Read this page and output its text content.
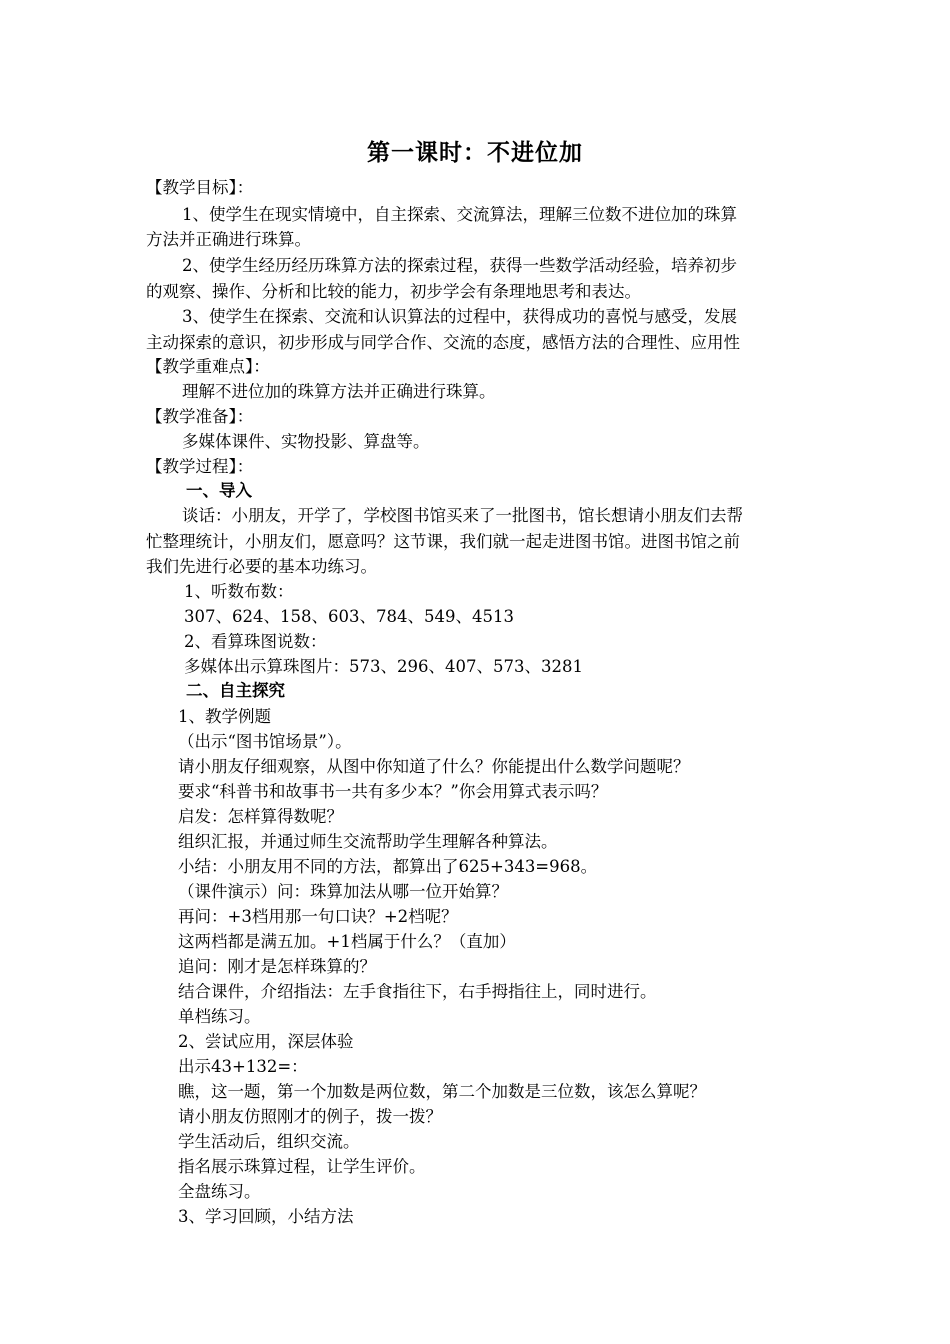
第一课时：不进位加
【教学目标】：
1、使学生在现实情境中，自主探索、交流算法，理解三位数不进位加的珠算
方法并正确进行珠算。
2、使学生经历经历珠算方法的探索过程，获得一些数学活动经验，培养初步
的观察、操作、分析和比较的能力，初步学会有条理地思考和表达。
3、使学生在探索、交流和认识算法的过程中，获得成功的喜悦与感受，发展
主动探索的意识，初步形成与同学合作、交流的态度，感悟方法的合理性、应用性
【教学重难点】：
理解不进位加的珠算方法并正确进行珠算。
【教学准备】：
多媒体课件、实物投影、算盘等。
【教学过程】：
一、导入
谈话：小朋友，开学了，学校图书馆买来了一批图书，馆长想请小朋友们去帮
忙整理统计，小朋友们，愿意吗？这节课，我们就一起走进图书馆。进图书馆之前
我们先进行必要的基本功练习。
1、听数布数：
307、624、158、603、784、549、4513
2、看算珠图说数：
多媒体出示算珠图片：573、296、407、573、3281
二、自主探究
1、教学例题
（出示“图书馆场景”）。
请小朋友仔细观察，从图中你知道了什么？你能提出什么数学问题呢？
要求“科普书和故事书一共有多少本？”你会用算式表示吗？
启发：怎样算得数呢？
组织汇报，并通过师生交流帮助学生理解各种算法。
小结：小朋友用不同的方法，都算出了625+343=968。
（课件演示）问：珠算加法从哪一位开始算？
再问：+3档用那一句口诀？+2档呢？
这两档都是满五加。+1档属于什么？（直加）
追问：刚才是怎样珠算的？
结合课件，介绍指法：左手食指往下，右手拇指往上，同时进行。
单档练习。
2、尝试应用，深层体验
出示43+132=：
瞧，这一题，第一个加数是两位数，第二个加数是三位数，该怎么算呢？
请小朋友仿照刚才的例子，拨一拨？
学生活动后，组织交流。
指名展示珠算过程，让学生评价。
全盘练习。
3、学习回顾，小结方法
